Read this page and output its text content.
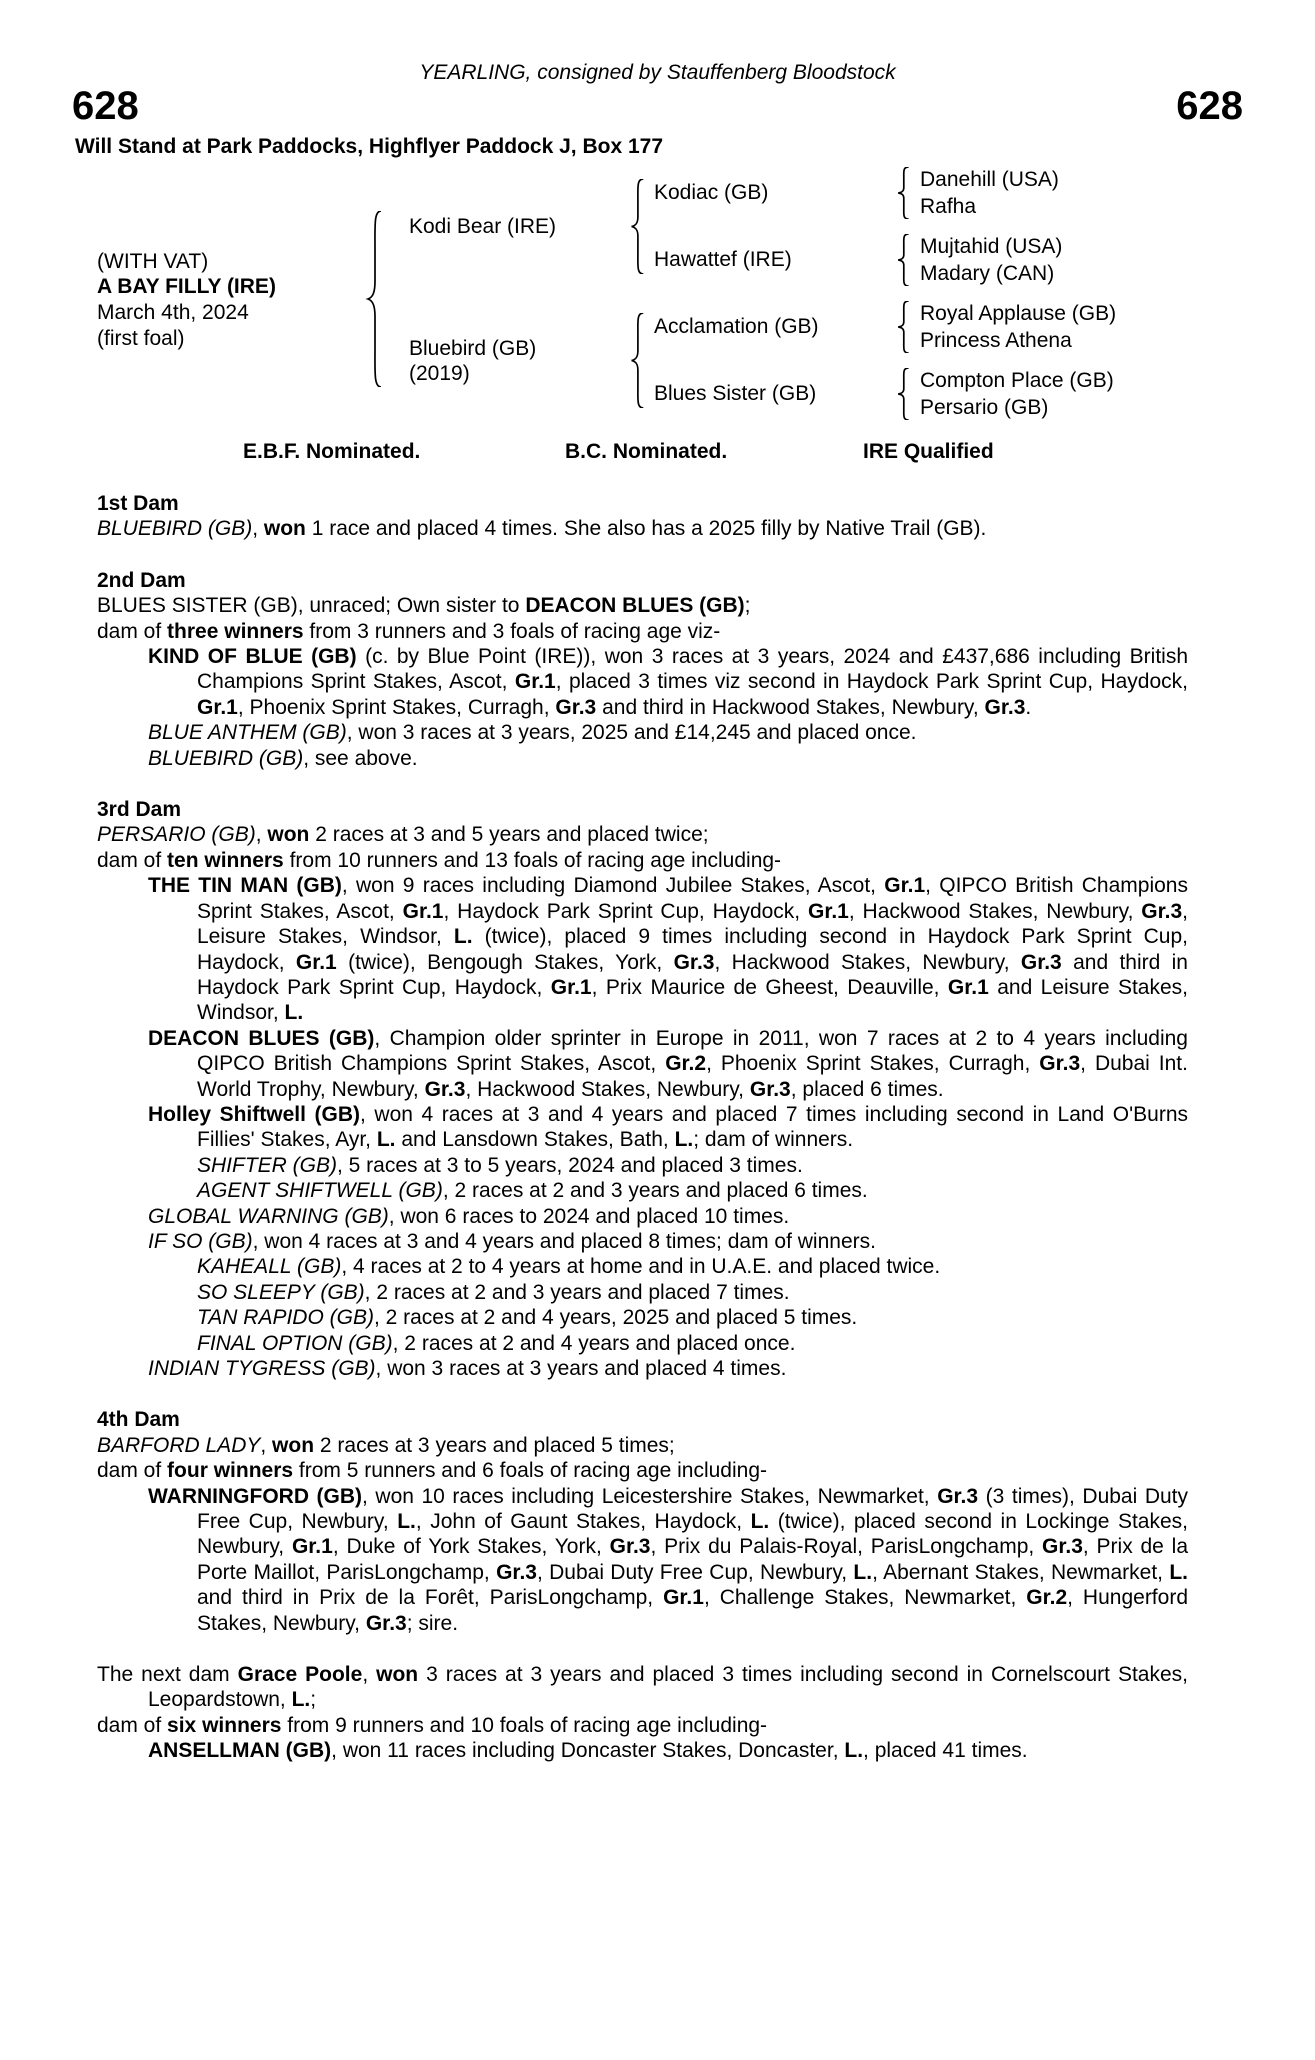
YEARLING, consigned by Stauffenberg Bloodstock
628	628
Will Stand at Park Paddocks, Highflyer Paddock J, Box 177
(WITH VAT)
A BAY FILLY (IRE)
March 4th, 2024
(first foal)
Kodi Bear (IRE)
Bluebird (GB)
(2019)
Kodiac (GB)
Hawattef (IRE)
Acclamation (GB)
Blues Sister (GB)
Danehill (USA)
Rafha
Mujtahid (USA)
Madary (CAN)
Royal Applause (GB)
Princess Athena
Compton Place (GB)
Persario (GB)
E.B.F. Nominated.	B.C. Nominated.	IRE Qualified
1st Dam
BLUEBIRD (GB), won 1 race and placed 4 times. She also has a 2025 filly by Native Trail (GB).
2nd Dam
BLUES SISTER (GB), unraced; Own sister to DEACON BLUES (GB);
dam of three winners from 3 runners and 3 foals of racing age viz-
KIND OF BLUE (GB) (c. by Blue Point (IRE)), won 3 races at 3 years, 2024 and £437,686 including British Champions Sprint Stakes, Ascot, Gr.1, placed 3 times viz second in Haydock Park Sprint Cup, Haydock, Gr.1, Phoenix Sprint Stakes, Curragh, Gr.3 and third in Hackwood Stakes, Newbury, Gr.3.
BLUE ANTHEM (GB), won 3 races at 3 years, 2025 and £14,245 and placed once.
BLUEBIRD (GB), see above.
3rd Dam
PERSARIO (GB), won 2 races at 3 and 5 years and placed twice;
dam of ten winners from 10 runners and 13 foals of racing age including-
THE TIN MAN (GB), won 9 races including Diamond Jubilee Stakes, Ascot, Gr.1, QIPCO British Champions Sprint Stakes, Ascot, Gr.1, Haydock Park Sprint Cup, Haydock, Gr.1, Hackwood Stakes, Newbury, Gr.3, Leisure Stakes, Windsor, L. (twice), placed 9 times including second in Haydock Park Sprint Cup, Haydock, Gr.1 (twice), Bengough Stakes, York, Gr.3, Hackwood Stakes, Newbury, Gr.3 and third in Haydock Park Sprint Cup, Haydock, Gr.1, Prix Maurice de Gheest, Deauville, Gr.1 and Leisure Stakes, Windsor, L.
DEACON BLUES (GB), Champion older sprinter in Europe in 2011, won 7 races at 2 to 4 years including QIPCO British Champions Sprint Stakes, Ascot, Gr.2, Phoenix Sprint Stakes, Curragh, Gr.3, Dubai Int. World Trophy, Newbury, Gr.3, Hackwood Stakes, Newbury, Gr.3, placed 6 times.
Holley Shiftwell (GB), won 4 races at 3 and 4 years and placed 7 times including second in Land O'Burns Fillies' Stakes, Ayr, L. and Lansdown Stakes, Bath, L.; dam of winners.
SHIFTER (GB), 5 races at 3 to 5 years, 2024 and placed 3 times.
AGENT SHIFTWELL (GB), 2 races at 2 and 3 years and placed 6 times.
GLOBAL WARNING (GB), won 6 races to 2024 and placed 10 times.
IF SO (GB), won 4 races at 3 and 4 years and placed 8 times; dam of winners.
KAHEALL (GB), 4 races at 2 to 4 years at home and in U.A.E. and placed twice.
SO SLEEPY (GB), 2 races at 2 and 3 years and placed 7 times.
TAN RAPIDO (GB), 2 races at 2 and 4 years, 2025 and placed 5 times.
FINAL OPTION (GB), 2 races at 2 and 4 years and placed once.
INDIAN TYGRESS (GB), won 3 races at 3 years and placed 4 times.
4th Dam
BARFORD LADY, won 2 races at 3 years and placed 5 times;
dam of four winners from 5 runners and 6 foals of racing age including-
WARNINGFORD (GB), won 10 races including Leicestershire Stakes, Newmarket, Gr.3 (3 times), Dubai Duty Free Cup, Newbury, L., John of Gaunt Stakes, Haydock, L. (twice), placed second in Lockinge Stakes, Newbury, Gr.1, Duke of York Stakes, York, Gr.3, Prix du Palais-Royal, ParisLongchamp, Gr.3, Prix de la Porte Maillot, ParisLongchamp, Gr.3, Dubai Duty Free Cup, Newbury, L., Abernant Stakes, Newmarket, L. and third in Prix de la Forêt, ParisLongchamp, Gr.1, Challenge Stakes, Newmarket, Gr.2, Hungerford Stakes, Newbury, Gr.3; sire.
The next dam Grace Poole, won 3 races at 3 years and placed 3 times including second in Cornelscourt Stakes, Leopardstown, L.;
dam of six winners from 9 runners and 10 foals of racing age including-
ANSELLMAN (GB), won 11 races including Doncaster Stakes, Doncaster, L., placed 41 times.
